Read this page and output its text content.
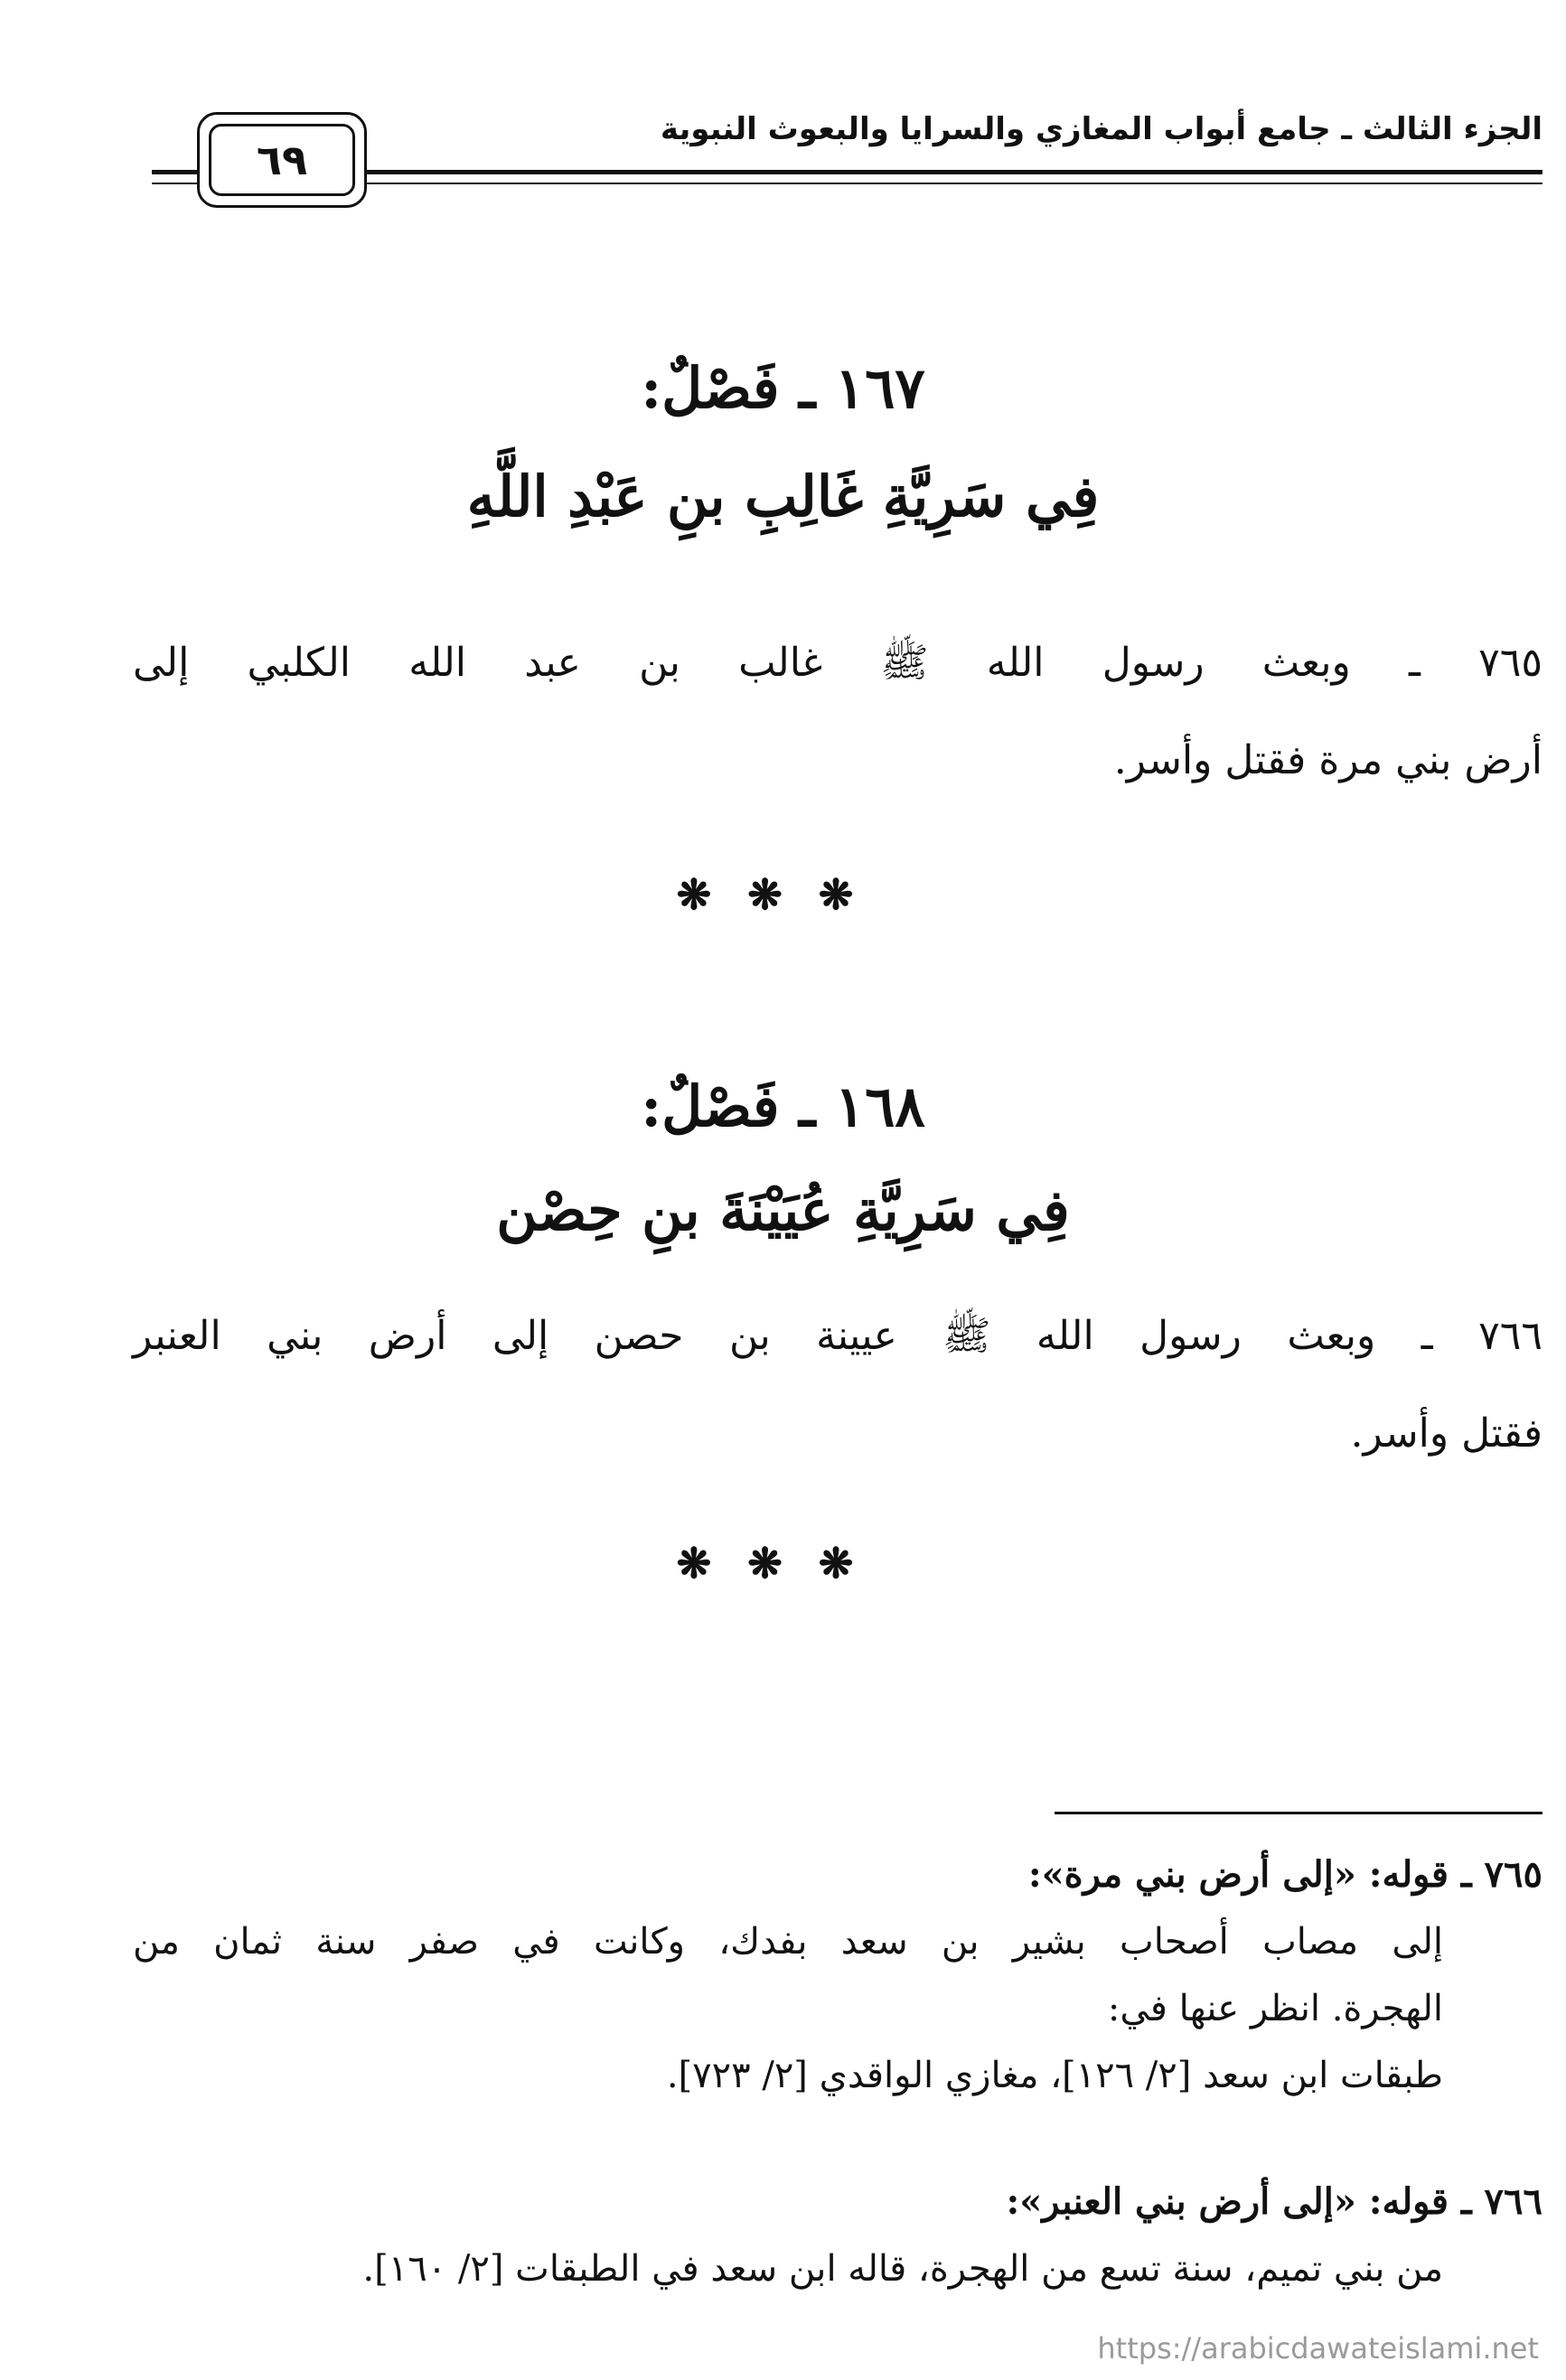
الجزء الثالث ـ جامع أبواب المغازي والسرايا والبعوث النبوية
٦٩
١٦٧ ـ فَصْلٌ:
فِي سَرِيَّةِ غَالِبِ بنِ عَبْدِ اللَّهِ
٧٦٥ ـ وبعث رسول الله ﷺ غالب بن عبد الله الكلبي إلى
أرض بني مرة فقتل وأسر.
❋❋❋
١٦٨ ـ فَصْلٌ:
فِي سَرِيَّةِ عُيَيْنَةَ بنِ حِصْن
٧٦٦ ـ وبعث رسول الله ﷺ عيينة بن حصن إلى أرض بني العنبر
فقتل وأسر.
❋❋❋
٧٦٥ ـ قوله: «إلى أرض بني مرة»:
إلى مصاب أصحاب بشير بن سعد بفدك، وكانت في صفر سنة ثمان من
الهجرة. انظر عنها في:
طبقات ابن سعد [٢/ ١٢٦]، مغازي الواقدي [٢/ ٧٢٣].
٧٦٦ ـ قوله: «إلى أرض بني العنبر»:
من بني تميم، سنة تسع من الهجرة، قاله ابن سعد في الطبقات [٢/ ١٦٠].
https://arabicdawateislami.net
